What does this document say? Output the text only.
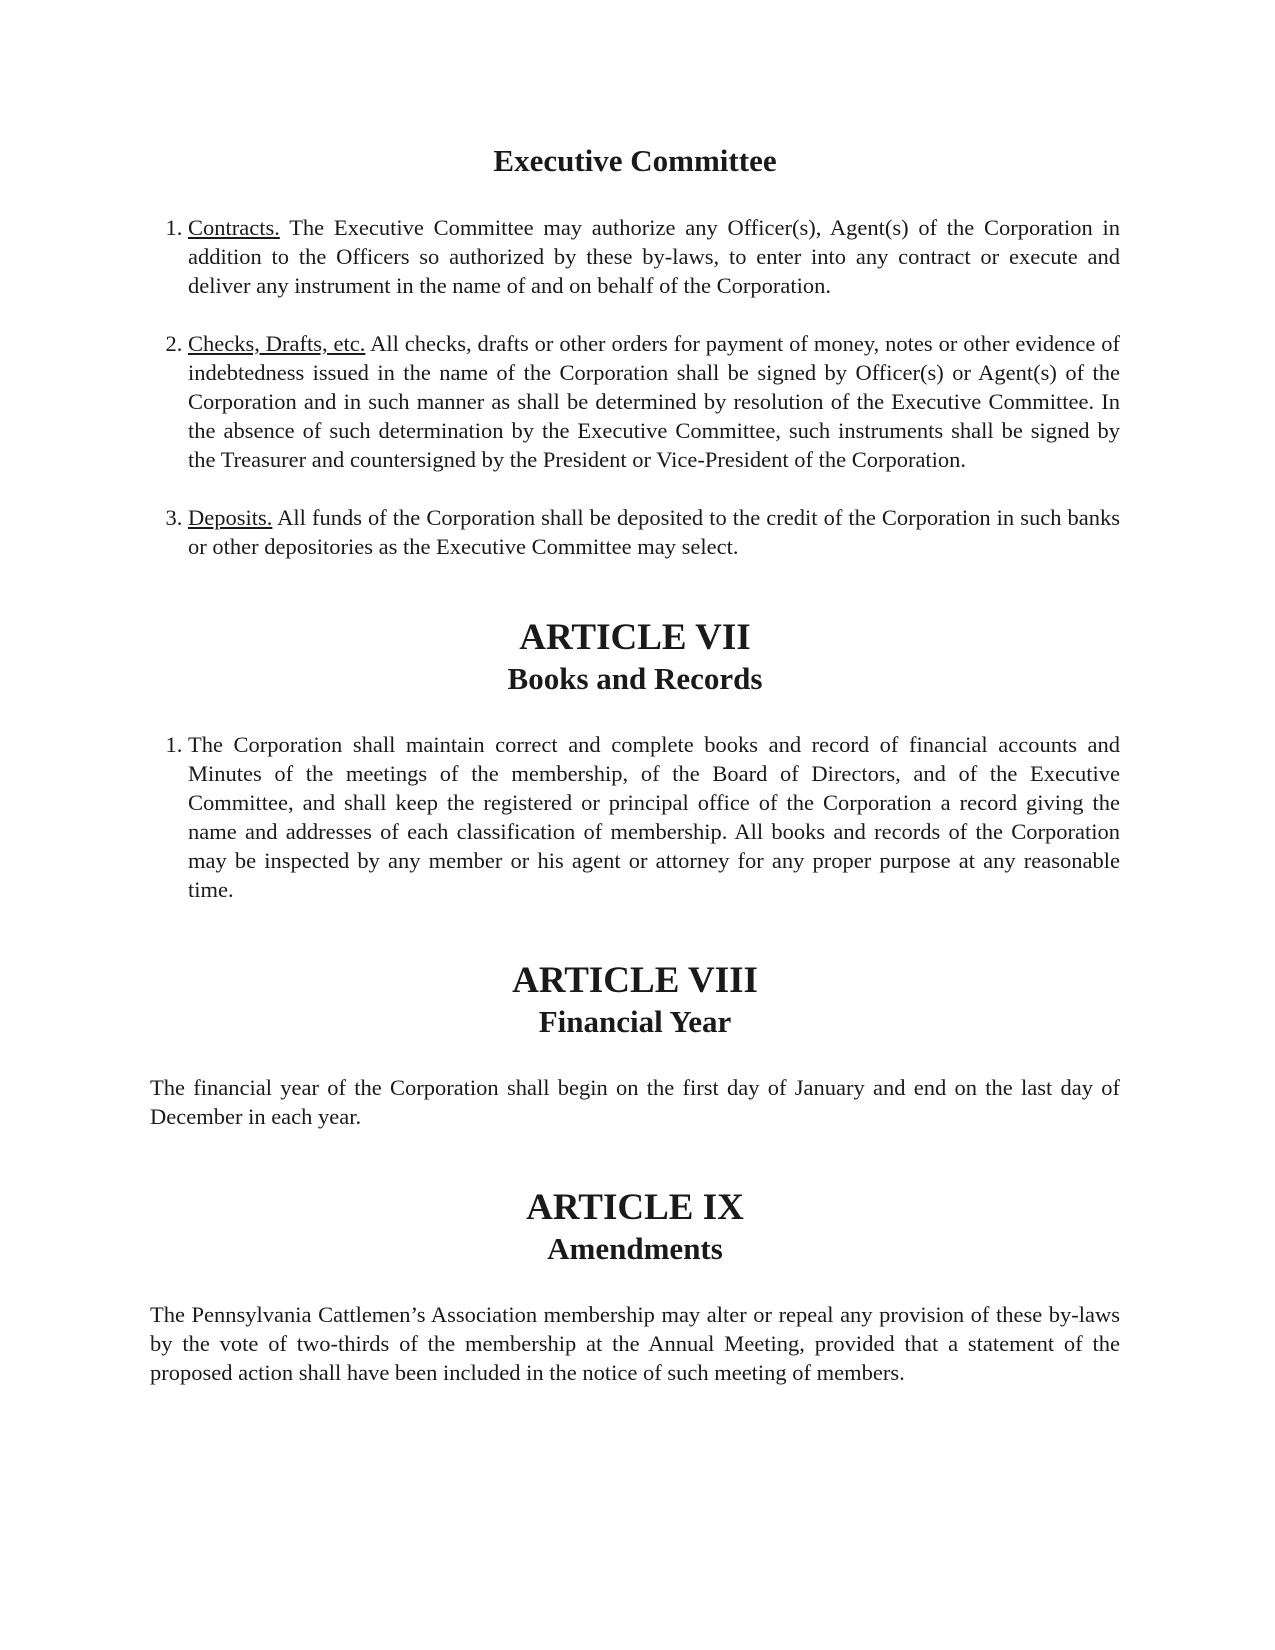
Executive Committee
1. Contracts. The Executive Committee may authorize any Officer(s), Agent(s) of the Corporation in addition to the Officers so authorized by these by-laws, to enter into any contract or execute and deliver any instrument in the name of and on behalf of the Corporation.
2. Checks, Drafts, etc. All checks, drafts or other orders for payment of money, notes or other evidence of indebtedness issued in the name of the Corporation shall be signed by Officer(s) or Agent(s) of the Corporation and in such manner as shall be determined by resolution of the Executive Committee. In the absence of such determination by the Executive Committee, such instruments shall be signed by the Treasurer and countersigned by the President or Vice-President of the Corporation.
3. Deposits. All funds of the Corporation shall be deposited to the credit of the Corporation in such banks or other depositories as the Executive Committee may select.
ARTICLE VII
Books and Records
1. The Corporation shall maintain correct and complete books and record of financial accounts and Minutes of the meetings of the membership, of the Board of Directors, and of the Executive Committee, and shall keep the registered or principal office of the Corporation a record giving the name and addresses of each classification of membership. All books and records of the Corporation may be inspected by any member or his agent or attorney for any proper purpose at any reasonable time.
ARTICLE VIII
Financial Year

The financial year of the Corporation shall begin on the first day of January and end on the last day of December in each year.

ARTICLE IX
Amendments

The Pennsylvania Cattlemen’s Association membership may alter or repeal any provision of these by-laws by the vote of two-thirds of the membership at the Annual Meeting, provided that a statement of the proposed action shall have been included in the notice of such meeting of members.
